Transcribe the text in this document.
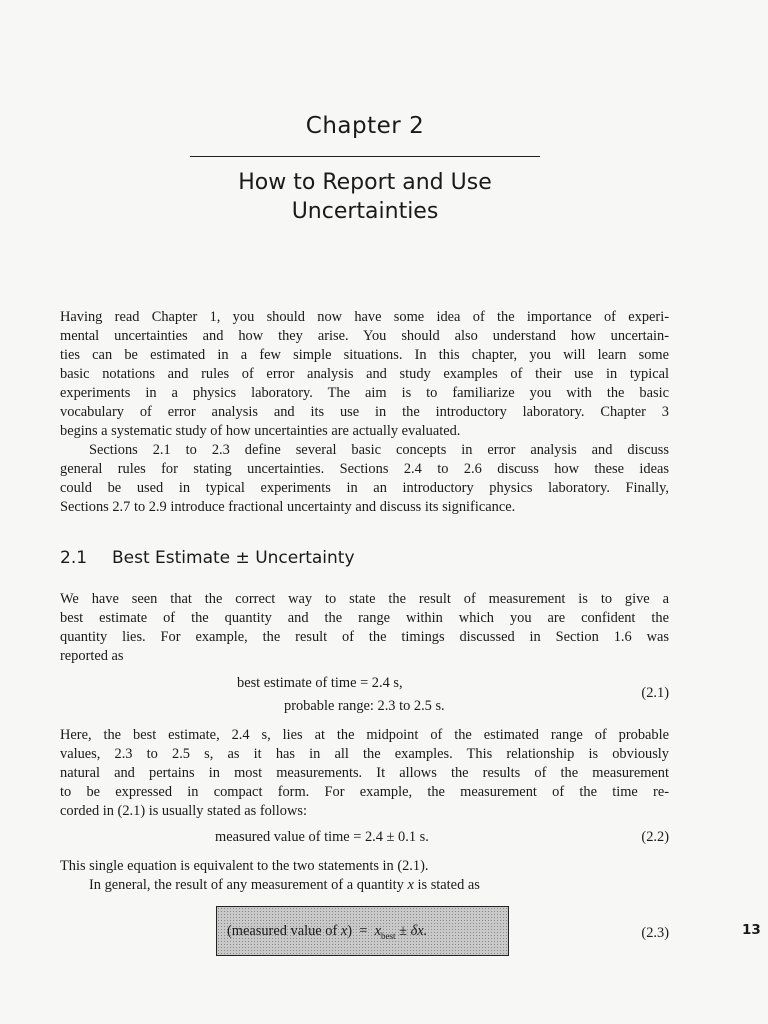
Chapter 2
How to Report and Use
Uncertainties

Having read Chapter 1, you should now have some idea of the importance of experi-
mental uncertainties and how they arise. You should also understand how uncertain-
ties can be estimated in a few simple situations. In this chapter, you will learn some
basic notations and rules of error analysis and study examples of their use in typical
experiments in a physics laboratory. The aim is to familiarize you with the basic
vocabulary of error analysis and its use in the introductory laboratory. Chapter 3
begins a systematic study of how uncertainties are actually evaluated.

Sections 2.1 to 2.3 define several basic concepts in error analysis and discuss
general rules for stating uncertainties. Sections 2.4 to 2.6 discuss how these ideas
could be used in typical experiments in an introductory physics laboratory. Finally,
Sections 2.7 to 2.9 introduce fractional uncertainty and discuss its significance.

2.1 Best Estimate ± Uncertainty
We have seen that the correct way to state the result of measurement is to give a
best estimate of the quantity and the range within which you are confident the
quantity lies. For example, the result of the timings discussed in Section 1.6 was
reported as
best estimate of time = 2.4 s,
probable range: 2.3 to 2.5 s.
(2.1)
Here, the best estimate, 2.4 s, lies at the midpoint of the estimated range of probable
values, 2.3 to 2.5 s, as it has in all the examples. This relationship is obviously
natural and pertains in most measurements. It allows the results of the measurement
to be expressed in compact form. For example, the measurement of the time re-
corded in (2.1) is usually stated as follows:
measured value of time = 2.4 ± 0.1 s.	(2.2)
This single equation is equivalent to the two statements in (2.1).
In general, the result of any measurement of a quantity x is stated as
(measured value of $x) = x_{best} \pm \delta x$.	(2.3)	13
